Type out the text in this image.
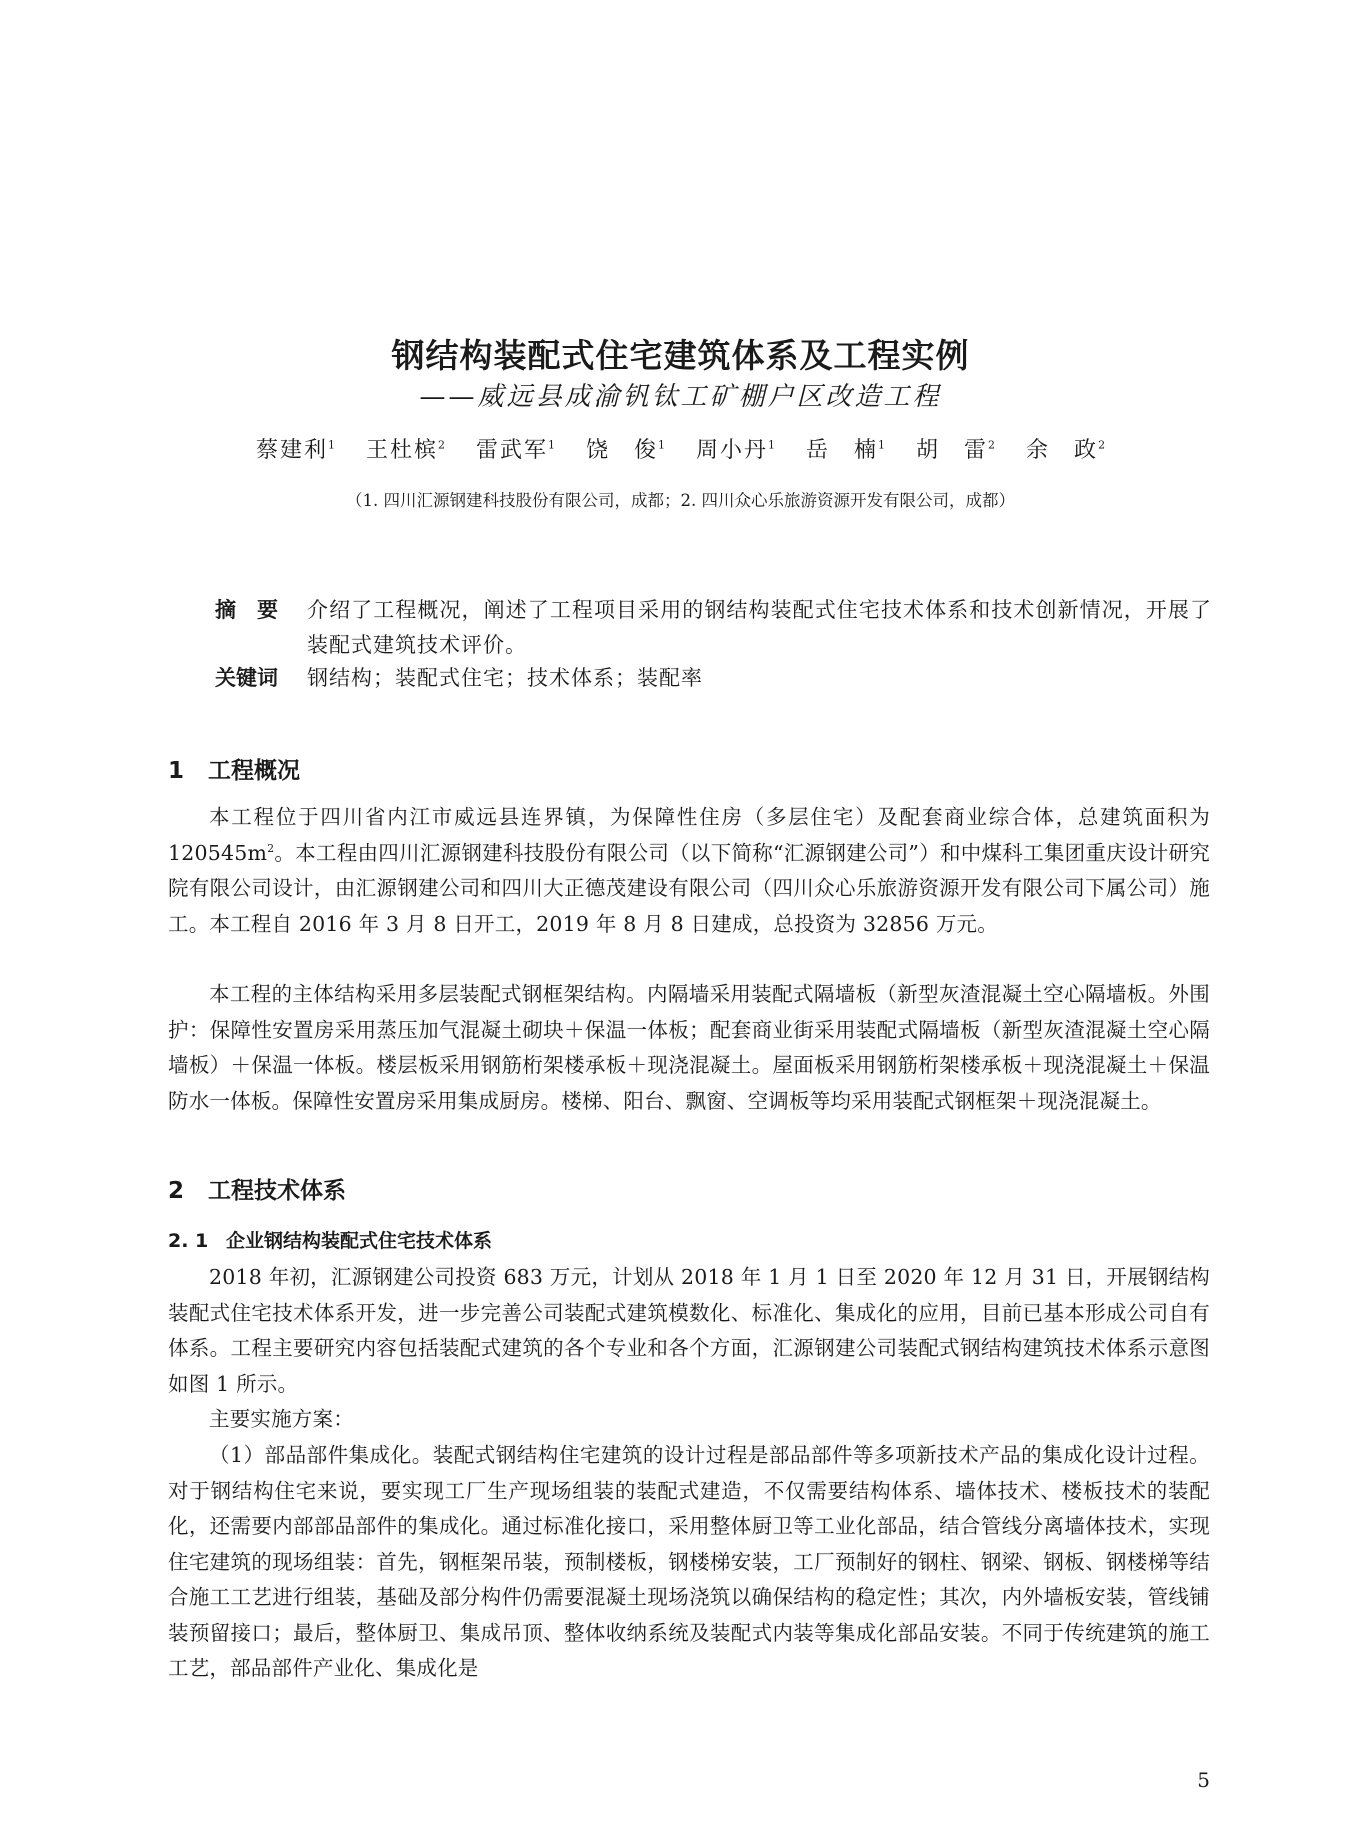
钢结构装配式住宅建筑体系及工程实例
——威远县成渝钒钛工矿棚户区改造工程
蔡建利$^1$ 王杜槟$^2$ 雷武军$^1$ 饶　俊$^1$ 周小丹$^1$ 岳　楠$^1$ 胡　雷$^2$ 余　政$^2$
（1. 四川汇源钢建科技股份有限公司，成都；2. 四川众心乐旅游资源开发有限公司，成都）
摘　要	介绍了工程概况，阐述了工程项目采用的钢结构装配式住宅技术体系和技术创新情况，开展了装配式建筑技术评价。
关键词	钢结构；装配式住宅；技术体系；装配率
1 工程概况
本工程位于四川省内江市威远县连界镇，为保障性住房（多层住宅）及配套商业综合体，总建筑面积为 $120545m^2$。本工程由四川汇源钢建科技股份有限公司（以下简称“汇源钢建公司”）和中煤科工集团重庆设计研究院有限公司设计，由汇源钢建公司和四川大正德茂建设有限公司（四川众心乐旅游资源开发有限公司下属公司）施工。本工程自 2016 年 3 月 8 日开工，2019 年 8 月 8 日建成，总投资为 32856 万元。
本工程的主体结构采用多层装配式钢框架结构。内隔墙采用装配式隔墙板（新型灰渣混凝土空心隔墙板。外围护：保障性安置房采用蒸压加气混凝土砌块＋保温一体板；配套商业街采用装配式隔墙板（新型灰渣混凝土空心隔墙板）＋保温一体板。楼层板采用钢筋桁架楼承板＋现浇混凝土。屋面板采用钢筋桁架楼承板＋现浇混凝土＋保温防水一体板。保障性安置房采用集成厨房。楼梯、阳台、飘窗、空调板等均采用装配式钢框架＋现浇混凝土。
2 工程技术体系
2. 1 企业钢结构装配式住宅技术体系
2018 年初，汇源钢建公司投资 683 万元，计划从 2018 年 1 月 1 日至 2020 年 12 月 31 日，开展钢结构装配式住宅技术体系开发，进一步完善公司装配式建筑模数化、标准化、集成化的应用，目前已基本形成公司自有体系。工程主要研究内容包括装配式建筑的各个专业和各个方面，汇源钢建公司装配式钢结构建筑技术体系示意图如图 1 所示。
主要实施方案：
（1）部品部件集成化。装配式钢结构住宅建筑的设计过程是部品部件等多项新技术产品的集成化设计过程。对于钢结构住宅来说，要实现工厂生产现场组装的装配式建造，不仅需要结构体系、墙体技术、楼板技术的装配化，还需要内部部品部件的集成化。通过标准化接口，采用整体厨卫等工业化部品，结合管线分离墙体技术，实现住宅建筑的现场组装：首先，钢框架吊装，预制楼板，钢楼梯安装，工厂预制好的钢柱、钢梁、钢板、钢楼梯等结合施工工艺进行组装，基础及部分构件仍需要混凝土现场浇筑以确保结构的稳定性；其次，内外墙板安装，管线铺装预留接口；最后，整体厨卫、集成吊顶、整体收纳系统及装配式内装等集成化部品安装。不同于传统建筑的施工工艺，部品部件产业化、集成化是
5
